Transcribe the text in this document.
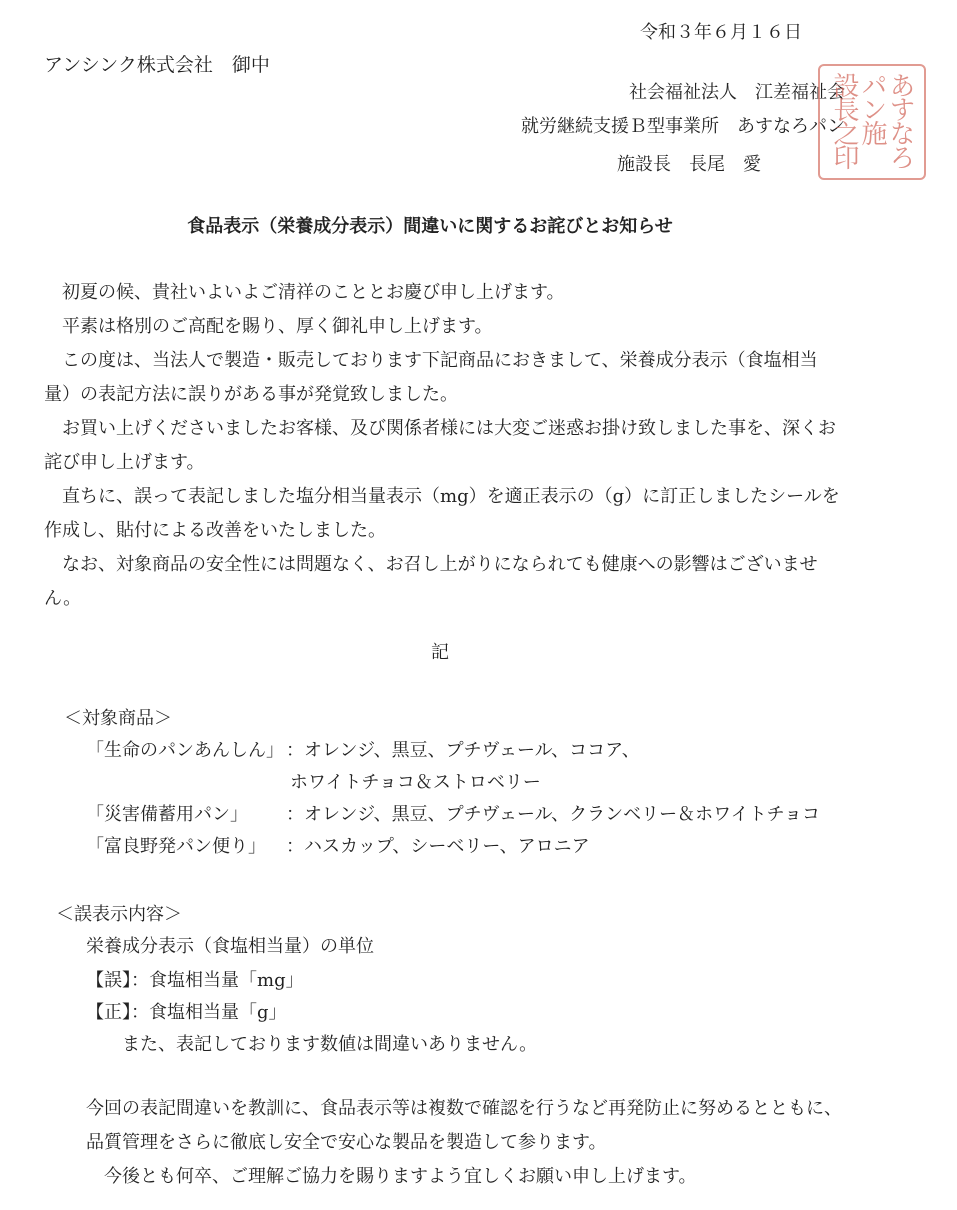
令和３年６月１６日
アンシンク株式会社　御中
社会福祉法人　江差福祉会
就労継続支援Ｂ型事業所　あすなろパン
施設長　長尾　愛	あすなろ
パン施
設長之印
食品表示（栄養成分表示）間違いに関するお詫びとお知らせ

初夏の候、貴社いよいよご清祥のこととお慶び申し上げます。

平素は格別のご高配を賜り、厚く御礼申し上げます。

この度は、当法人で製造・販売しております下記商品におきまして、栄養成分表示（食塩相当量）の表記方法に誤りがある事が発覚致しました。

お買い上げくださいましたお客様、及び関係者様には大変ご迷惑お掛け致しました事を、深くお詫び申し上げます。

直ちに、誤って表記しました塩分相当量表示（mg）を適正表示の（g）に訂正しましたシールを作成し、貼付による改善をいたしました。

なお、対象商品の安全性には問題なく、お召し上がりになられても健康への影響はございません。

記
＜対象商品＞
「生命のパンあんしん」 ：オレンジ、黒豆、プチヴェール、ココア、
ホワイトチョコ＆ストロベリー
「災害備蓄用パン」 ：オレンジ、黒豆、プチヴェール、クランベリー＆ホワイトチョコ
「富良野発パン便り」 ：ハスカップ、シーベリー、アロニア
＜誤表示内容＞
栄養成分表示（食塩相当量）の単位
【誤】：食塩相当量「mg」
【正】：食塩相当量「g」
また、表記しております数値は間違いありません。

今回の表記間違いを教訓に、食品表示等は複数で確認を行うなど再発防止に努めるとともに、品質管理をさらに徹底し安全で安心な製品を製造して参ります。

今後とも何卒、ご理解ご協力を賜りますよう宜しくお願い申し上げます。
